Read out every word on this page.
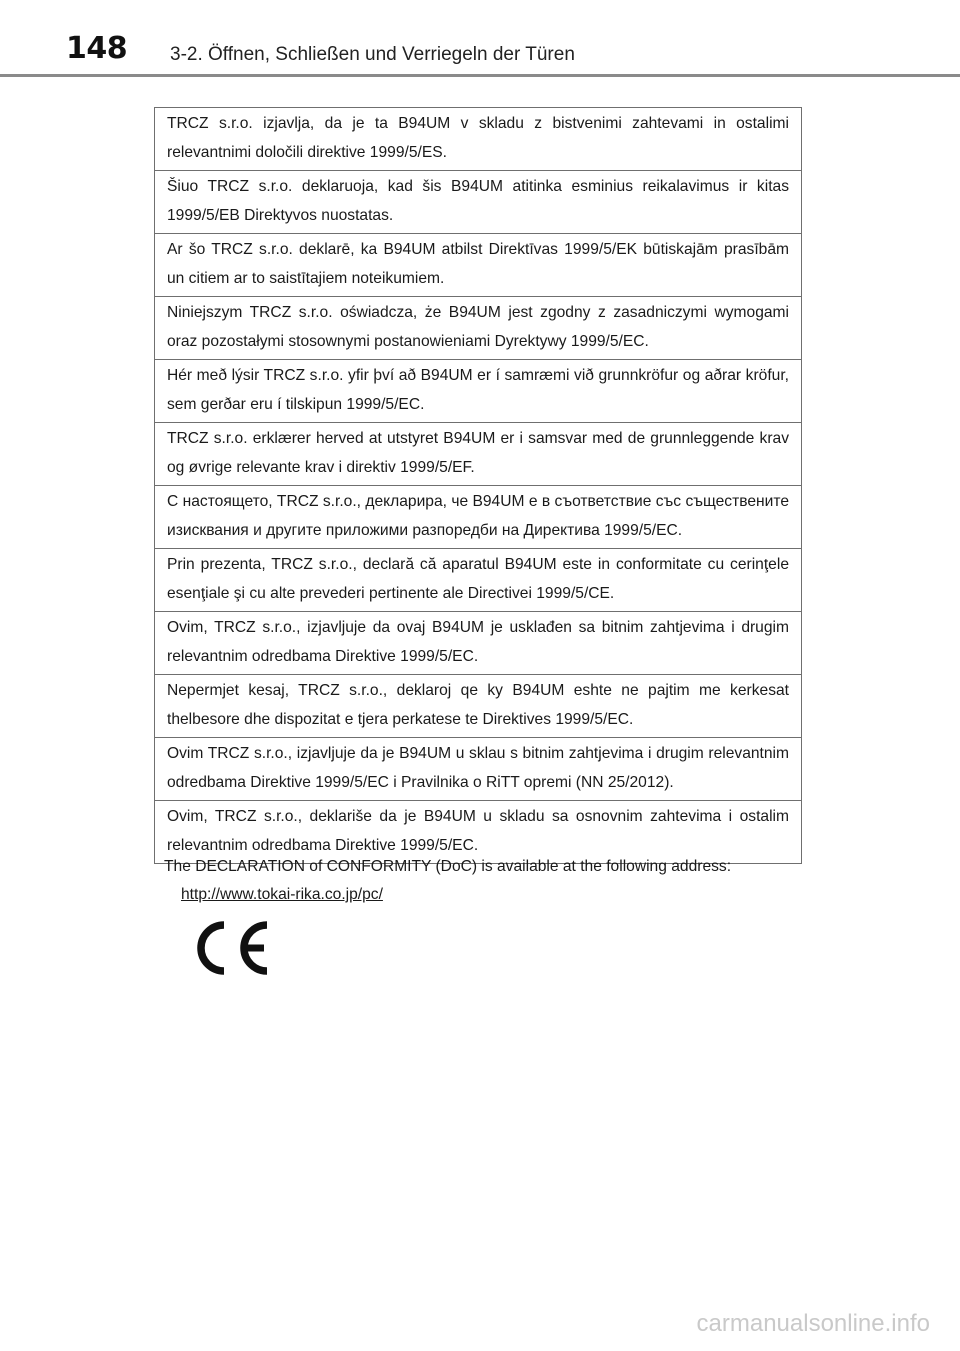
148 3-2. Öffnen, Schließen und Verriegeln der Türen
TRCZ s.r.o. izjavlja, da je ta B94UM v skladu z bistvenimi zahtevami in ostalimi relevantnimi določili direktive 1999/5/ES.
Šiuo TRCZ s.r.o. deklaruoja, kad šis B94UM atitinka esminius reikalavimus ir kitas 1999/5/EB Direktyvos nuostatas.
Ar šo TRCZ s.r.o. deklarē, ka B94UM atbilst Direktīvas 1999/5/EK būtiskajām prasībām un citiem ar to saistītajiem noteikumiem.
Niniejszym TRCZ s.r.o. oświadcza, że B94UM jest zgodny z zasadniczymi wymogami oraz pozostałymi stosownymi postanowieniami Dyrektywy 1999/5/EC.
Hér með lýsir TRCZ s.r.o. yfir því að B94UM er í samræmi við grunnkröfur og aðrar kröfur, sem gerðar eru í tilskipun 1999/5/EC.
TRCZ s.r.o. erklærer herved at utstyret B94UM er i samsvar med de grunnleggende krav og øvrige relevante krav i direktiv 1999/5/EF.
С настоящето, TRCZ s.r.o., декларира, че B94UM е в съответствие със съществените изисквания и другите приложими разпоредби на Директива 1999/5/EC.
Prin prezenta, TRCZ s.r.o., declară că aparatul B94UM este in conformitate cu cerinţele esenţiale şi cu alte prevederi pertinente ale Directivei 1999/5/CE.
Ovim, TRCZ s.r.o., izjavljuje da ovaj B94UM je usklađen sa bitnim zahtjevima i drugim relevantnim odredbama Direktive 1999/5/EC.
Nepermjet kesaj, TRCZ s.r.o., deklaroj qe ky B94UM eshte ne pajtim me kerkesat thelbesore dhe dispozitat e tjera perkatese te Direktives 1999/5/EC.
Ovim TRCZ s.r.o., izjavljuje da je B94UM u sklau s bitnim zahtjevima i drugim relevantnim odredbama Direktive 1999/5/EC i Pravilnika o RiTT opremi (NN 25/2012).
Ovim, TRCZ s.r.o., deklariše da je B94UM u skladu sa osnovnim zahtevima i ostalim relevantnim odredbama Direktive 1999/5/EC.
The DECLARATION of CONFORMITY (DoC) is available at the following address:
http://www.tokai-rika.co.jp/pc/
carmanualsonline.info
